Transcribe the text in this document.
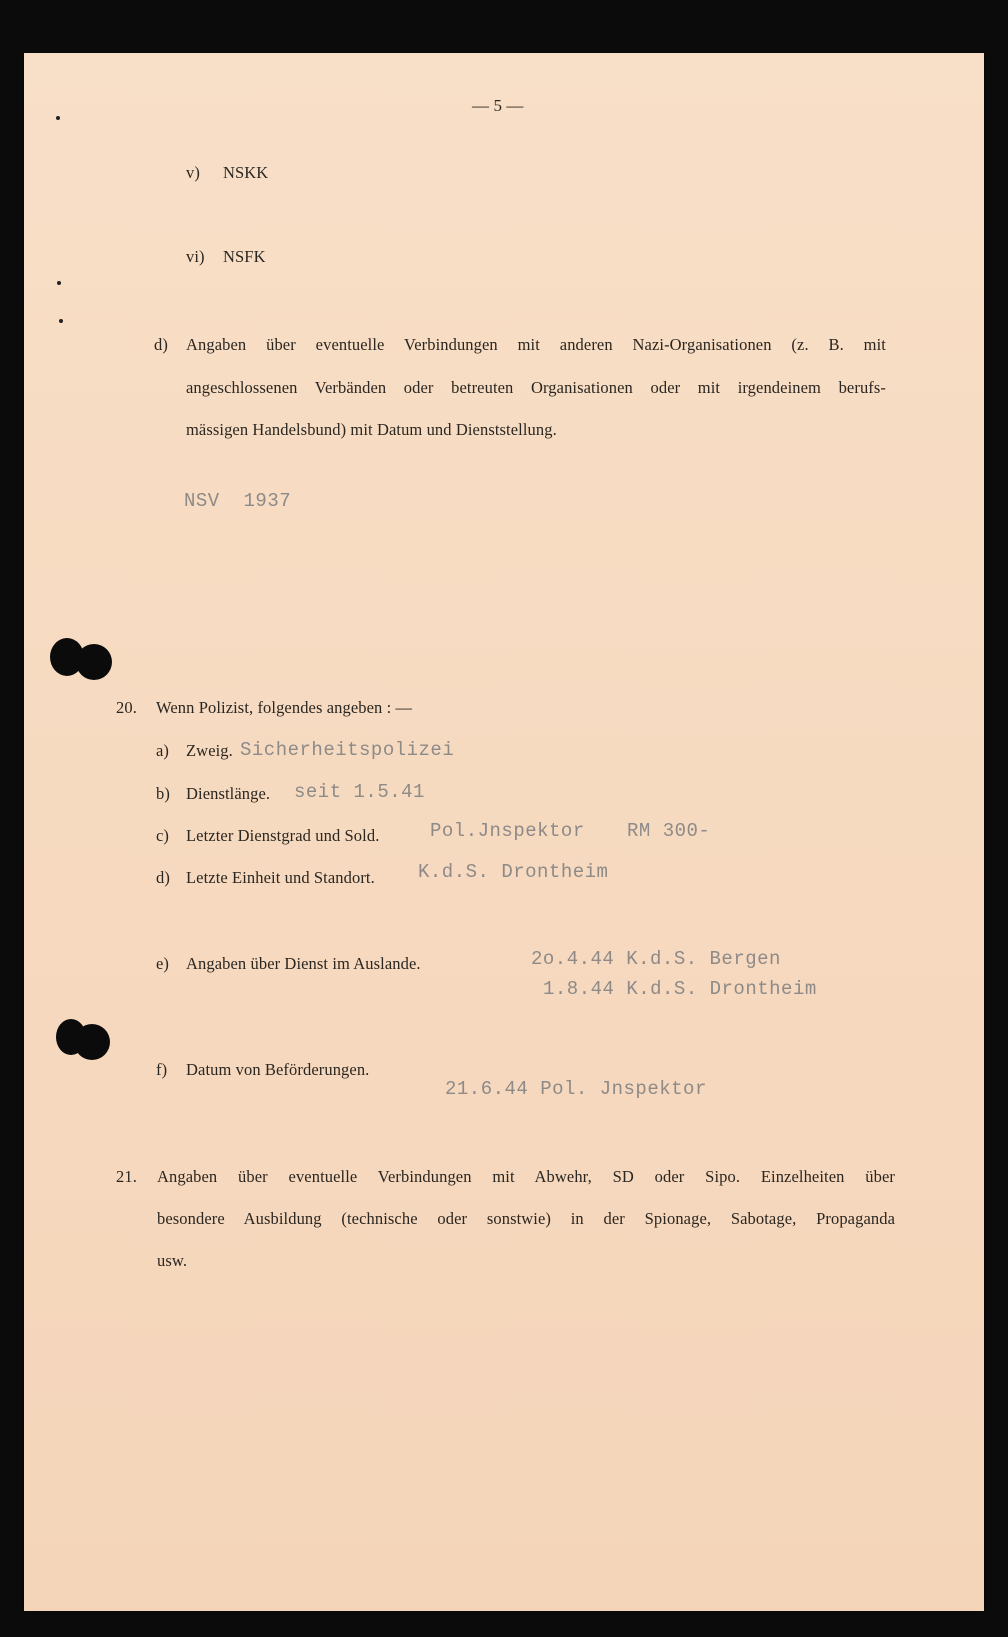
— 5 —
v) NSKK
vi) NSFK
d) Angaben über eventuelle Verbindungen mit anderen Nazi-Organisationen (z. B. mit
angeschlossenen Verbänden oder betreuten Organisationen oder mit irgendeinem berufs-
mässigen Handelsbund) mit Datum und Dienststellung.
NSV  1937
20. Wenn Polizist, folgendes angeben : —
a) Zweig. Sicherheitspolizei
b) Dienstlänge. seit 1.5.41
c) Letzter Dienstgrad und Sold.	Pol.Jnspektor RM 300-
d) Letzte Einheit und Standort. K.d.S. Drontheim
e) Angaben über Dienst im Auslande.	2o.4.44 K.d.S. Bergen
1.8.44 K.d.S. Drontheim
f) Datum von Beförderungen.
21.6.44 Pol. Jnspektor
21. Angaben über eventuelle Verbindungen mit Abwehr, SD oder Sipo. Einzelheiten über
besondere Ausbildung (technische oder sonstwie) in der Spionage, Sabotage, Propaganda
usw.
